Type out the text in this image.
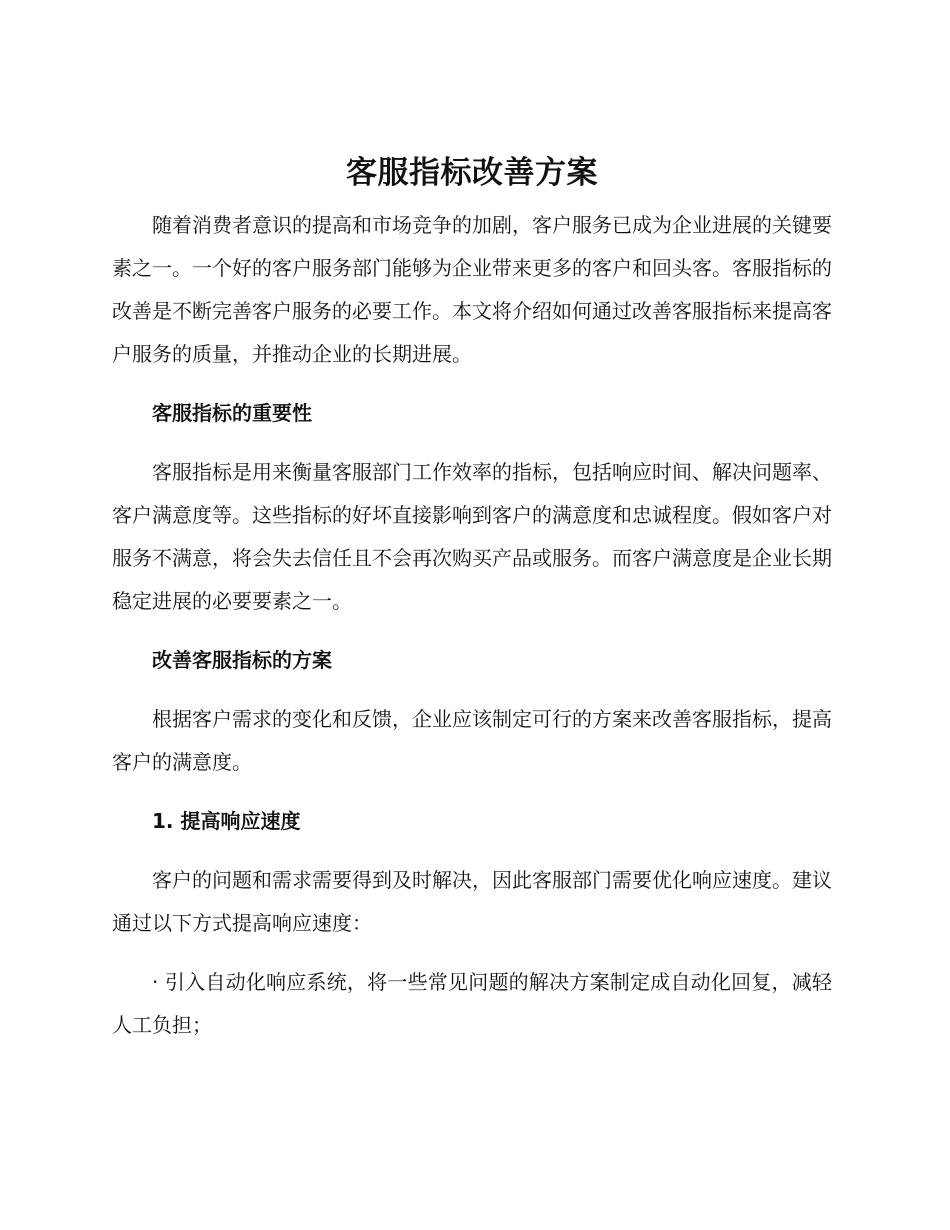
客服指标改善方案

随着消费者意识的提高和市场竞争的加剧，客户服务已成为企业进展的关键要素之一。一个好的客户服务部门能够为企业带来更多的客户和回头客。客服指标的改善是不断完善客户服务的必要工作。本文将介绍如何通过改善客服指标来提高客户服务的质量，并推动企业的长期进展。

客服指标的重要性

客服指标是用来衡量客服部门工作效率的指标，包括响应时间、解决问题率、客户满意度等。这些指标的好坏直接影响到客户的满意度和忠诚程度。假如客户对服务不满意，将会失去信任且不会再次购买产品或服务。而客户满意度是企业长期稳定进展的必要要素之一。

改善客服指标的方案

根据客户需求的变化和反馈，企业应该制定可行的方案来改善客服指标，提高客户的满意度。

1. 提高响应速度

客户的问题和需求需要得到及时解决，因此客服部门需要优化响应速度。建议通过以下方式提高响应速度：

· 引入自动化响应系统，将一些常见问题的解决方案制定成自动化回复，减轻人工负担；
